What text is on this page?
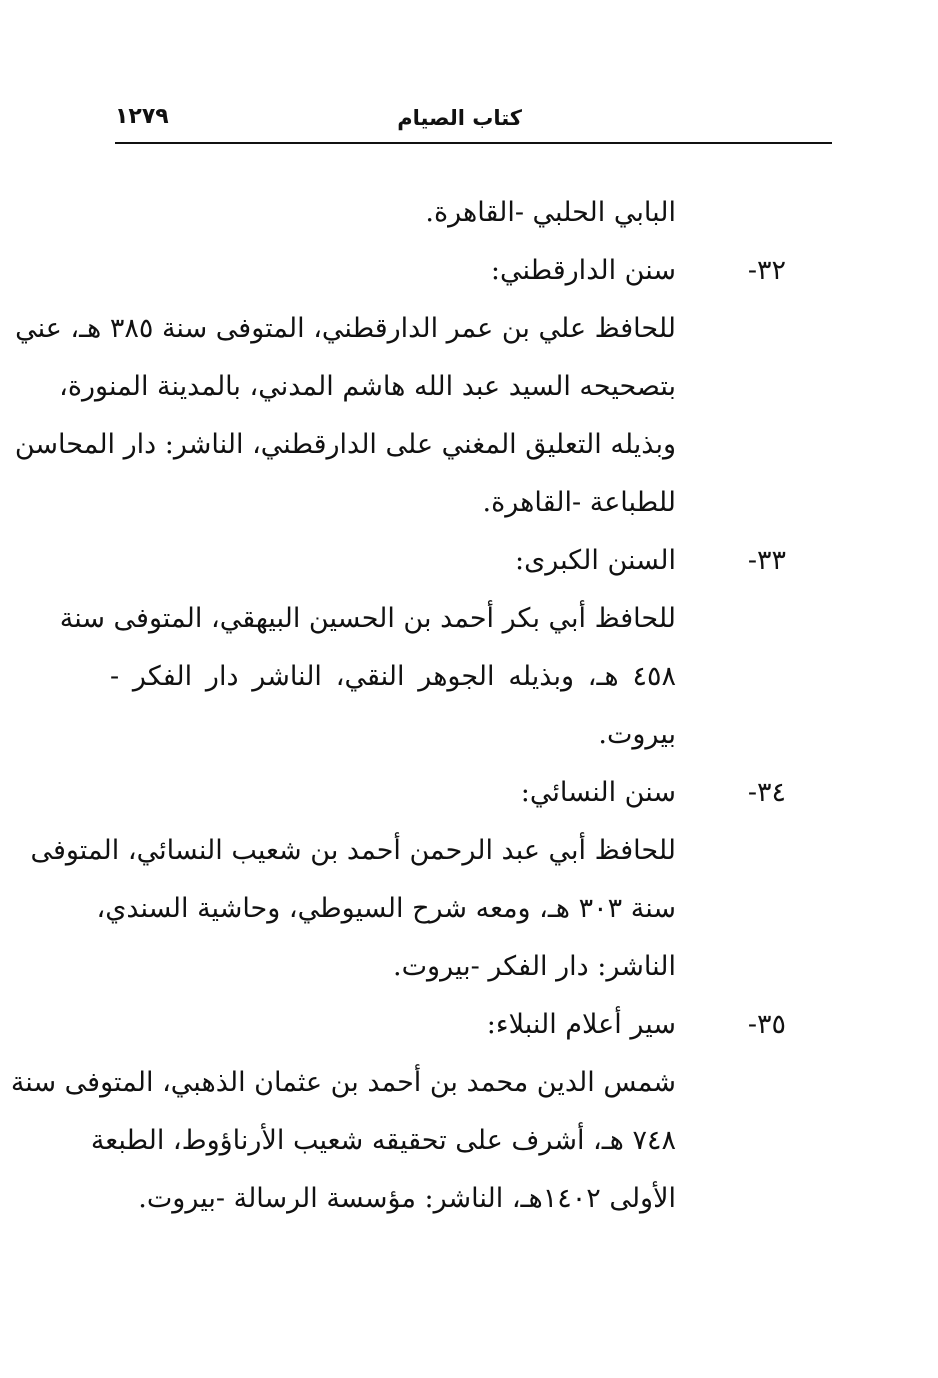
كتاب الصيام
١٢٧٩
البابي الحلبي -القاهرة.
٣٢-
سنن الدارقطني:
للحافظ علي بن عمر الدارقطني، المتوفى سنة ٣٨٥ هـ، عني
بتصحيحه السيد عبد الله هاشم المدني، بالمدينة المنورة،
وبذيله التعليق المغني على الدارقطني، الناشر: دار المحاسن
للطباعة -القاهرة.
٣٣-
السنن الكبرى:
للحافظ أبي بكر أحمد بن الحسين البيهقي، المتوفى سنة
٤٥٨ هـ، وبذيله الجوهر النقي، الناشر دار الفكر -
بيروت.
٣٤-
سنن النسائي:
للحافظ أبي عبد الرحمن أحمد بن شعيب النسائي، المتوفى
سنة ٣٠٣ هـ، ومعه شرح السيوطي، وحاشية السندي،
الناشر: دار الفكر -بيروت.
٣٥-
سير أعلام النبلاء:
شمس الدين محمد بن أحمد بن عثمان الذهبي، المتوفى سنة
٧٤٨ هـ، أشرف على تحقيقه شعيب الأرناؤوط، الطبعة
الأولى ١٤٠٢هـ، الناشر: مؤسسة الرسالة -بيروت.
